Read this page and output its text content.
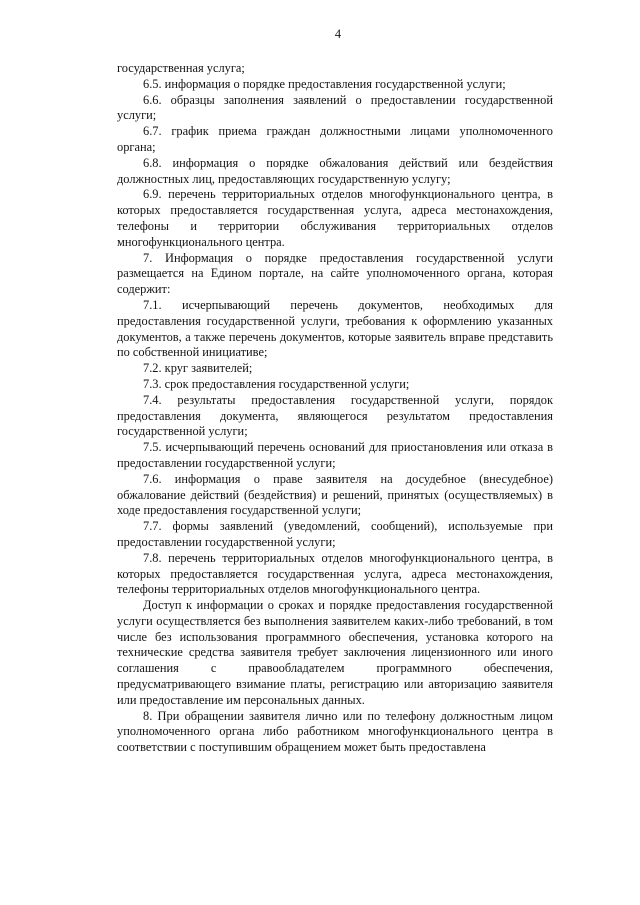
4

государственная услуга;

6.5. информация о порядке предоставления государственной услуги;

6.6. образцы заполнения заявлений о предоставлении государственной услуги;

6.7. график приема граждан должностными лицами уполномоченного органа;

6.8. информация о порядке обжалования действий или бездействия должностных лиц, предоставляющих государственную услугу;

6.9. перечень территориальных отделов многофункционального центра, в которых предоставляется государственная услуга, адреса местонахождения, телефоны и территории обслуживания территориальных отделов многофункционального центра.

7. Информация о порядке предоставления государственной услуги размещается на Едином портале, на сайте уполномоченного органа, которая содержит:

7.1. исчерпывающий перечень документов, необходимых для предоставления государственной услуги, требования к оформлению указанных документов, а также перечень документов, которые заявитель вправе представить по собственной инициативе;

7.2. круг заявителей;

7.3. срок предоставления государственной услуги;

7.4. результаты предоставления государственной услуги, порядок предоставления документа, являющегося результатом предоставления государственной услуги;

7.5. исчерпывающий перечень оснований для приостановления или отказа в предоставлении государственной услуги;

7.6. информация о праве заявителя на досудебное (внесудебное) обжалование действий (бездействия) и решений, принятых (осуществляемых) в ходе предоставления государственной услуги;

7.7. формы заявлений (уведомлений, сообщений), используемые при предоставлении государственной услуги;

7.8. перечень территориальных отделов многофункционального центра, в которых предоставляется государственная услуга, адреса местонахождения, телефоны территориальных отделов многофункционального центра.

Доступ к информации о сроках и порядке предоставления государственной услуги осуществляется без выполнения заявителем каких-либо требований, в том числе без использования программного обеспечения, установка которого на технические средства заявителя требует заключения лицензионного или иного соглашения с правообладателем программного обеспечения, предусматривающего взимание платы, регистрацию или авторизацию заявителя или предоставление им персональных данных.

8. При обращении заявителя лично или по телефону должностным лицом уполномоченного органа либо работником многофункционального центра в соответствии с поступившим обращением может быть предоставлена
